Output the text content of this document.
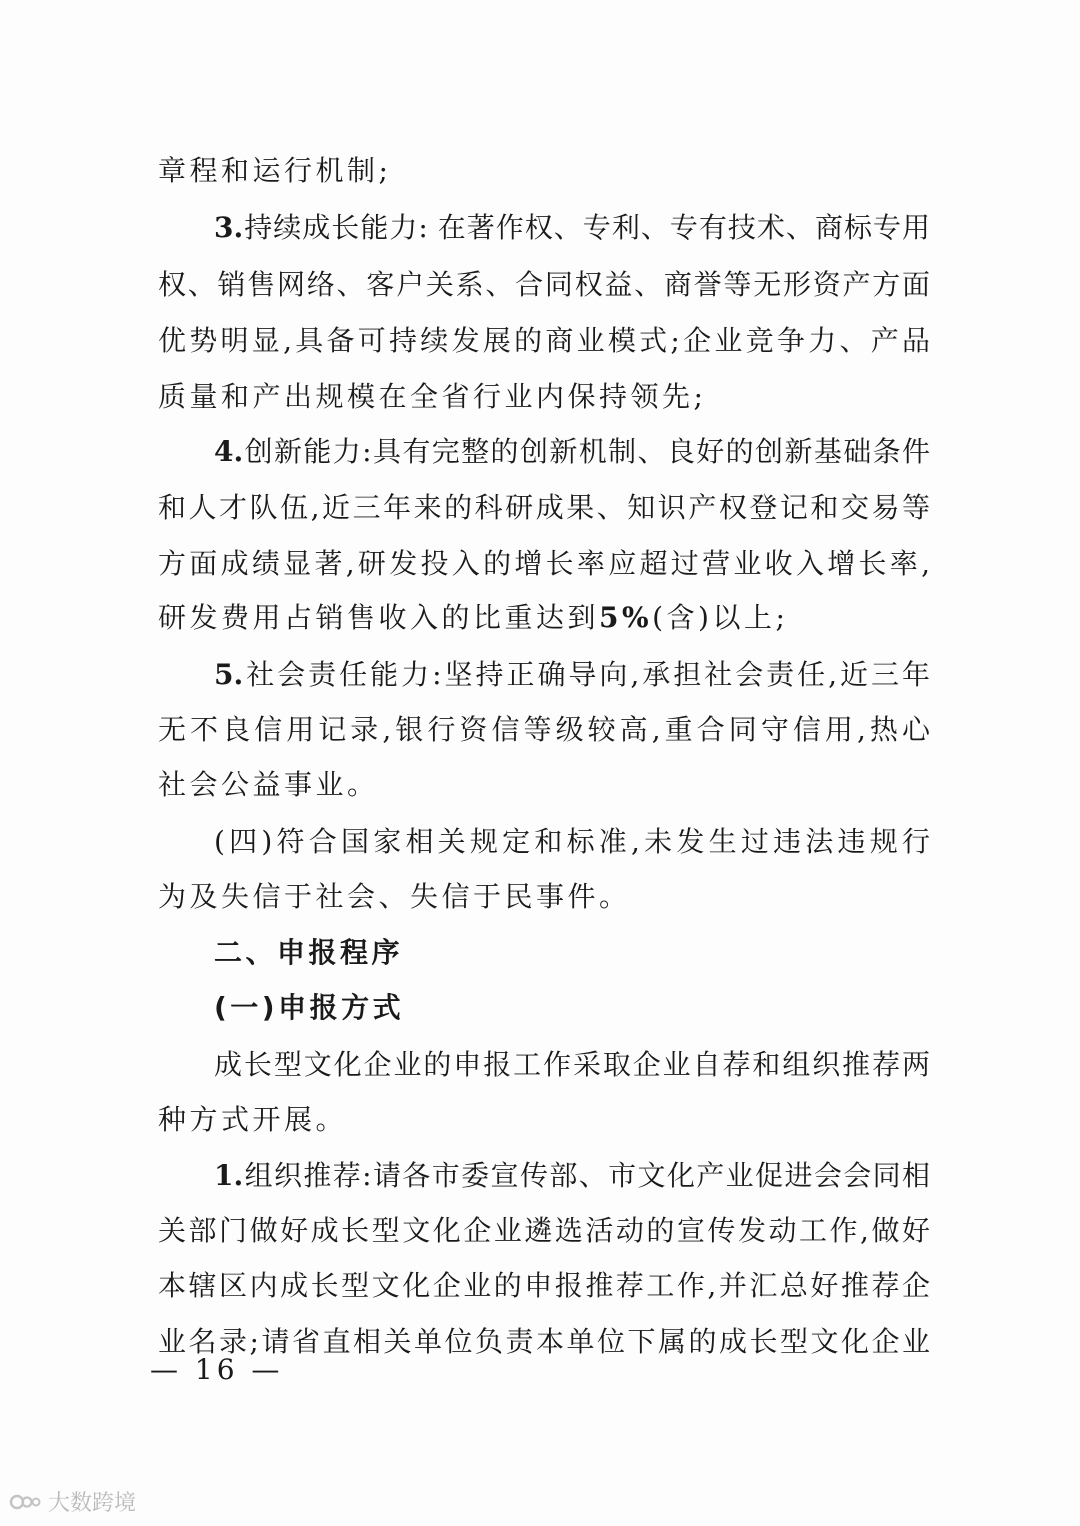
章程和运行机制;
3.持续成长能力: 在著作权、专利、专有技术、商标专用
权、销售网络、客户关系、合同权益、商誉等无形资产方面
优势明显,具备可持续发展的商业模式;企业竞争力、产品
质量和产出规模在全省行业内保持领先;
4.创新能力:具有完整的创新机制、良好的创新基础条件
和人才队伍,近三年来的科研成果、知识产权登记和交易等
方面成绩显著,研发投入的增长率应超过营业收入增长率,
研发费用占销售收入的比重达到5%(含)以上;
5.社会责任能力:坚持正确导向,承担社会责任,近三年
无不良信用记录,银行资信等级较高,重合同守信用,热心
社会公益事业。
(四)符合国家相关规定和标准,未发生过违法违规行
为及失信于社会、失信于民事件。
二、申报程序
(一)申报方式
成长型文化企业的申报工作采取企业自荐和组织推荐两
种方式开展。
1.组织推荐:请各市委宣传部、市文化产业促进会会同相
关部门做好成长型文化企业遴选活动的宣传发动工作,做好
本辖区内成长型文化企业的申报推荐工作,并汇总好推荐企
业名录;请省直相关单位负责本单位下属的成长型文化企业
— 16 —
大数跨境
